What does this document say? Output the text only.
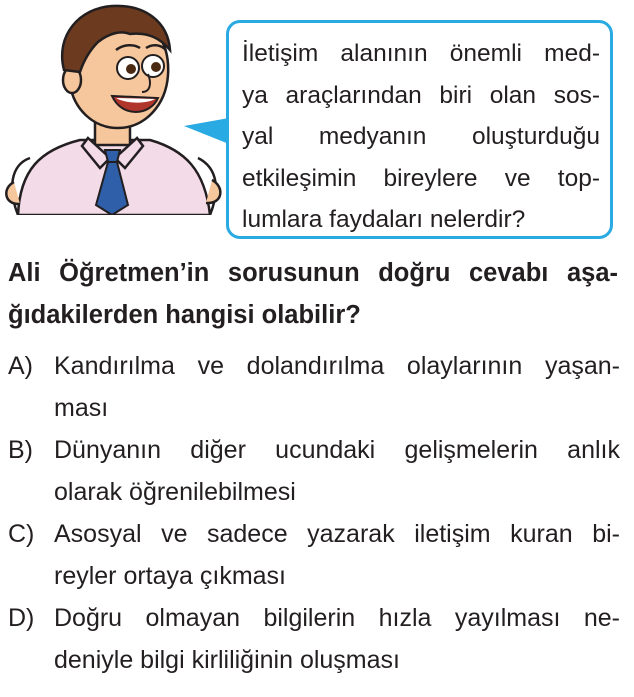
İletişim alanının önemli med-
ya araçlarından biri olan sos-
yal medyanın oluşturduğu
etkileşimin bireylere ve top-
lumlara faydaları nelerdir?
Ali Öğretmen’in sorusunun doğru cevabı aşa-
ğıdakilerden hangisi olabilir?
A) Kandırılma ve dolandırılma olaylarının yaşan-
ması
B) Dünyanın diğer ucundaki gelişmelerin anlık
olarak öğrenilebilmesi
C) Asosyal ve sadece yazarak iletişim kuran bi-
reyler ortaya çıkması
D) Doğru olmayan bilgilerin hızla yayılması ne-
deniyle bilgi kirliliğinin oluşması
